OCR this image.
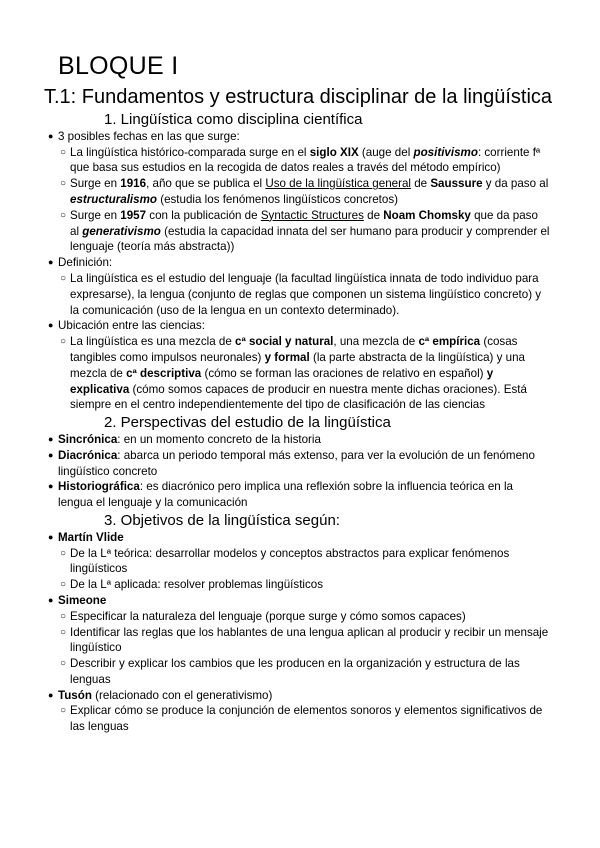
BLOQUE I
T.1: Fundamentos y estructura disciplinar de la lingüística
1. Lingüística como disciplina científica
● 3 posibles fechas en las que surge:
○ La lingüística histórico-comparada surge en el siglo XIX (auge del positivismo: corriente fª que basa sus estudios en la recogida de datos reales a través del método empírico)
○ Surge en 1916, año que se publica el Uso de la lingüística general de Saussure y da paso al estructuralismo (estudia los fenómenos lingüísticos concretos)
○ Surge en 1957 con la publicación de Syntactic Structures de Noam Chomsky que da paso al generativismo (estudia la capacidad innata del ser humano para producir y comprender el lenguaje (teoría más abstracta))
● Definición:
○ La lingüística es el estudio del lenguaje (la facultad lingüística innata de todo individuo para expresarse), la lengua (conjunto de reglas que componen un sistema lingüístico concreto) y la comunicación (uso de la lengua en un contexto determinado).
● Ubicación entre las ciencias:
○ La lingüística es una mezcla de cª social y natural, una mezcla de cª empírica (cosas tangibles como impulsos neuronales) y formal (la parte abstracta de la lingüística) y una mezcla de cª descriptiva (cómo se forman las oraciones de relativo en español) y explicativa (cómo somos capaces de producir en nuestra mente dichas oraciones). Está siempre en el centro independientemente del tipo de clasificación de las ciencias
2. Perspectivas del estudio de la lingüística
● Sincrónica: en un momento concreto de la historia
● Diacrónica: abarca un periodo temporal más extenso, para ver la evolución de un fenómeno lingüístico concreto
● Historiográfica: es diacrónico pero implica una reflexión sobre la influencia teórica en la lengua el lenguaje y la comunicación
3. Objetivos de la lingüística según:
● Martín Vlide
○ De la Lª teórica: desarrollar modelos y conceptos abstractos para explicar fenómenos lingüísticos
○ De la Lª aplicada: resolver problemas lingüísticos
● Simeone
○ Especificar la naturaleza del lenguaje (porque surge y cómo somos capaces)
○ Identificar las reglas que los hablantes de una lengua aplican al producir y recibir un mensaje lingüístico
○ Describir y explicar los cambios que les producen en la organización y estructura de las lenguas
● Tusón (relacionado con el generativismo)
○ Explicar cómo se produce la conjunción de elementos sonoros y elementos significativos de las lenguas
